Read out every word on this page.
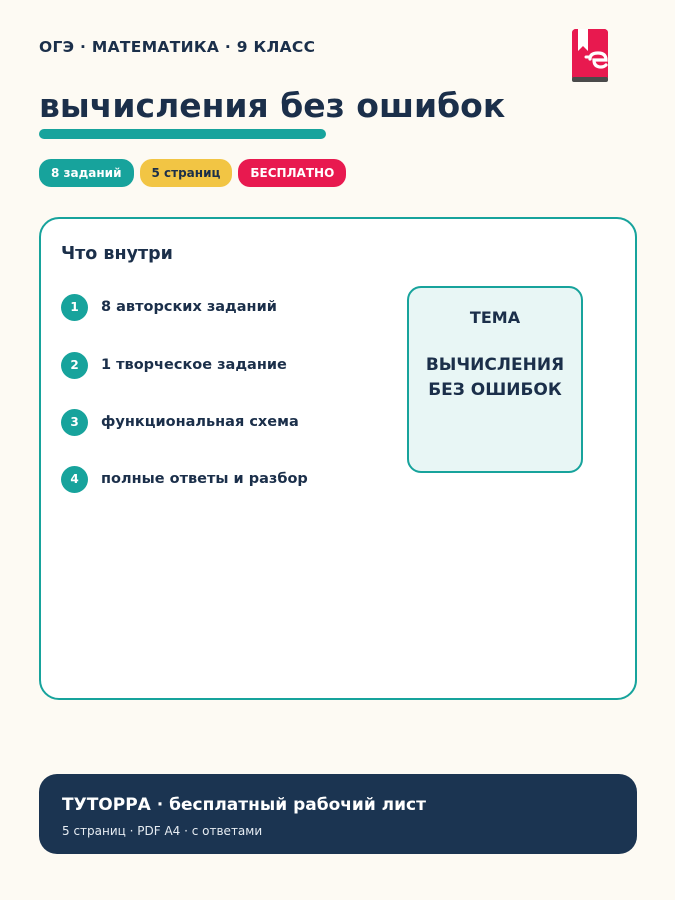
ОГЭ · МАТЕМАТИКА · 9 КЛАСС
вычисления без ошибок
8 заданий	5 страниц	БЕСПЛАТНО
Что внутри
1	8 авторских заданий
2	1 творческое задание
3	функциональная схема
4	полные ответы и разбор
ТЕМА
ВЫЧИСЛЕНИЯ
БЕЗ ОШИБОК
ТУТОРРА · бесплатный рабочий лист
5 страниц · PDF A4 · с ответами
